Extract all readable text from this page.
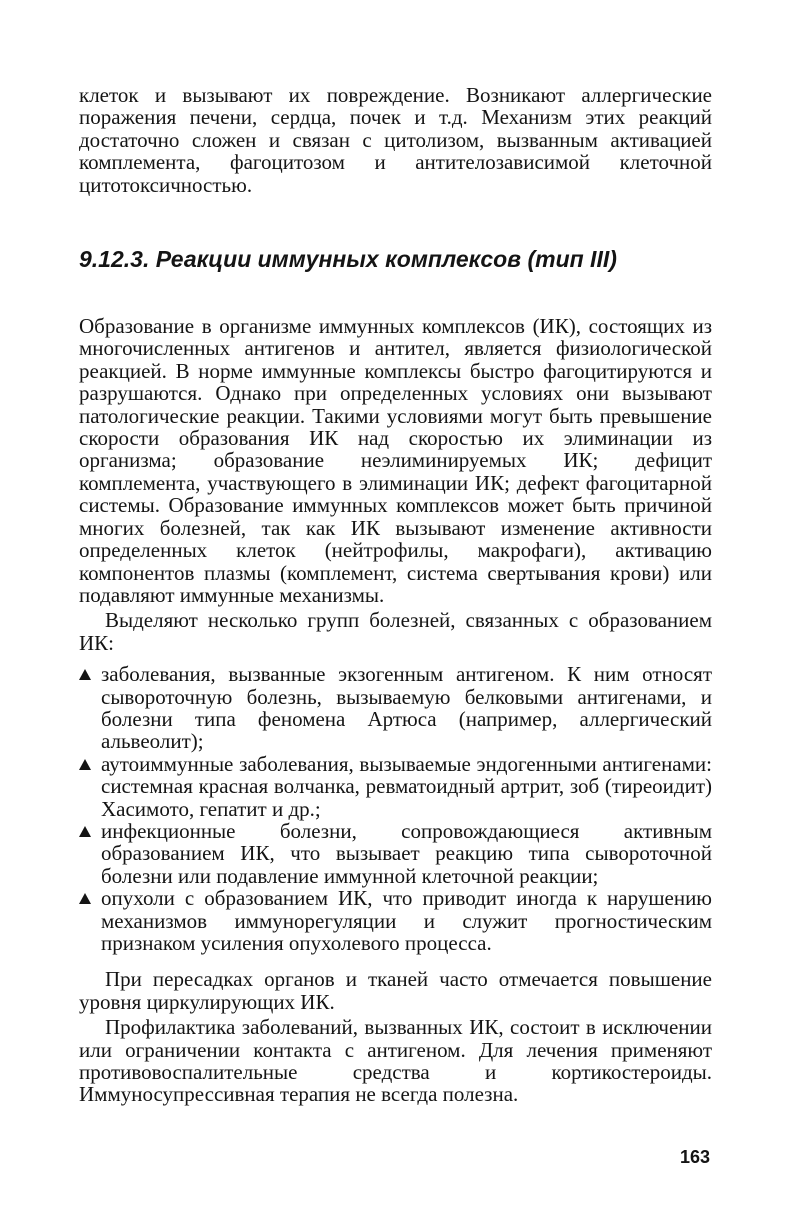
клеток и вызывают их повреждение. Возникают аллергические поражения печени, сердца, почек и т.д. Механизм этих реакций достаточно сложен и связан с цитолизом, вызванным активацией комплемента, фагоцитозом и антителозависимой клеточной цитотоксичностью.

9.12.3. Реакции иммунных комплексов (тип III)

Образование в организме иммунных комплексов (ИК), состоящих из многочисленных антигенов и антител, является физиологической реакцией. В норме иммунные комплексы быстро фагоцитируются и разрушаются. Однако при определенных условиях они вызывают патологические реакции. Такими условиями могут быть превышение скорости образования ИК над скоростью их элиминации из организма; образование неэлиминируемых ИК; дефицит комплемента, участвующего в элиминации ИК; дефект фагоцитарной системы. Образование иммунных комплексов может быть причиной многих болезней, так как ИК вызывают изменение активности определенных клеток (нейтрофилы, макрофаги), активацию компонентов плазмы (комплемент, система свертывания крови) или подавляют иммунные механизмы.

Выделяют несколько групп болезней, связанных с образованием ИК:

заболевания, вызванные экзогенным антигеном. К ним относят сывороточную болезнь, вызываемую белковыми антигенами, и болезни типа феномена Артюса (например, аллергический альвеолит);
аутоиммунные заболевания, вызываемые эндогенными антигенами: системная красная волчанка, ревматоидный артрит, зоб (тиреоидит) Хасимото, гепатит и др.;
инфекционные болезни, сопровождающиеся активным образованием ИК, что вызывает реакцию типа сывороточной болезни или подавление иммунной клеточной реакции;
опухоли с образованием ИК, что приводит иногда к нарушению механизмов иммунорегуляции и служит прогностическим признаком усиления опухолевого процесса.

При пересадках органов и тканей часто отмечается повышение уровня циркулирующих ИК.

Профилактика заболеваний, вызванных ИК, состоит в исключении или ограничении контакта с антигеном. Для лечения применяют противовоспалительные средства и кортикостероиды. Иммуносупрессивная терапия не всегда полезна.

163
